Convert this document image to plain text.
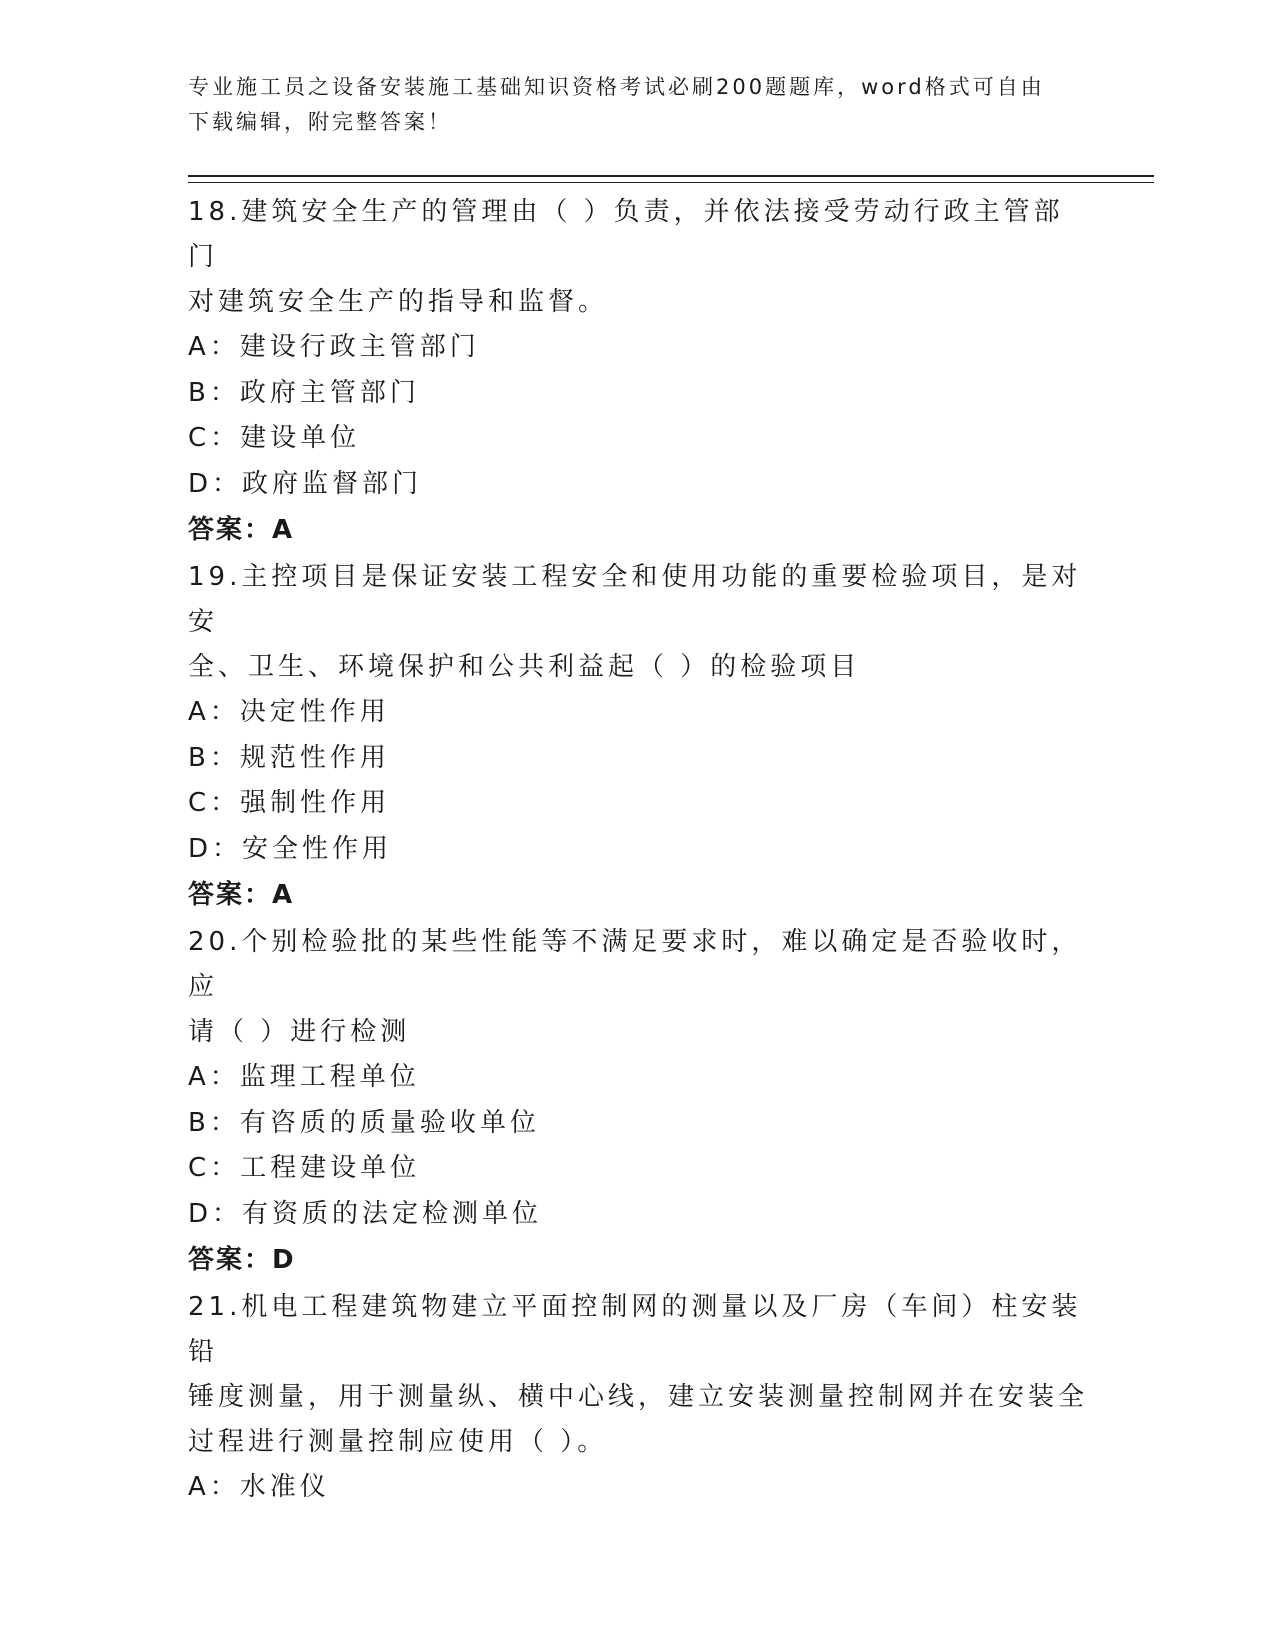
专业施工员之设备安装施工基础知识资格考试必刷200题题库，word格式可自由
下载编辑，附完整答案！
18.建筑安全生产的管理由（ ）负责，并依法接受劳动行政主管部门
对建筑安全生产的指导和监督。
A：建设行政主管部门
B：政府主管部门
C：建设单位
D：政府监督部门
答案：A
19.主控项目是保证安装工程安全和使用功能的重要检验项目，是对安
全、卫生、环境保护和公共利益起（ ）的检验项目
A：决定性作用
B：规范性作用
C：强制性作用
D：安全性作用
答案：A
20.个别检验批的某些性能等不满足要求时，难以确定是否验收时，应
请（ ）进行检测
A：监理工程单位
B：有咨质的质量验收单位
C：工程建设单位
D：有资质的法定检测单位
答案：D
21.机电工程建筑物建立平面控制网的测量以及厂房（车间）柱安装铅
锤度测量，用于测量纵、横中心线，建立安装测量控制网并在安装全
过程进行测量控制应使用（ ）。
A：水准仪
